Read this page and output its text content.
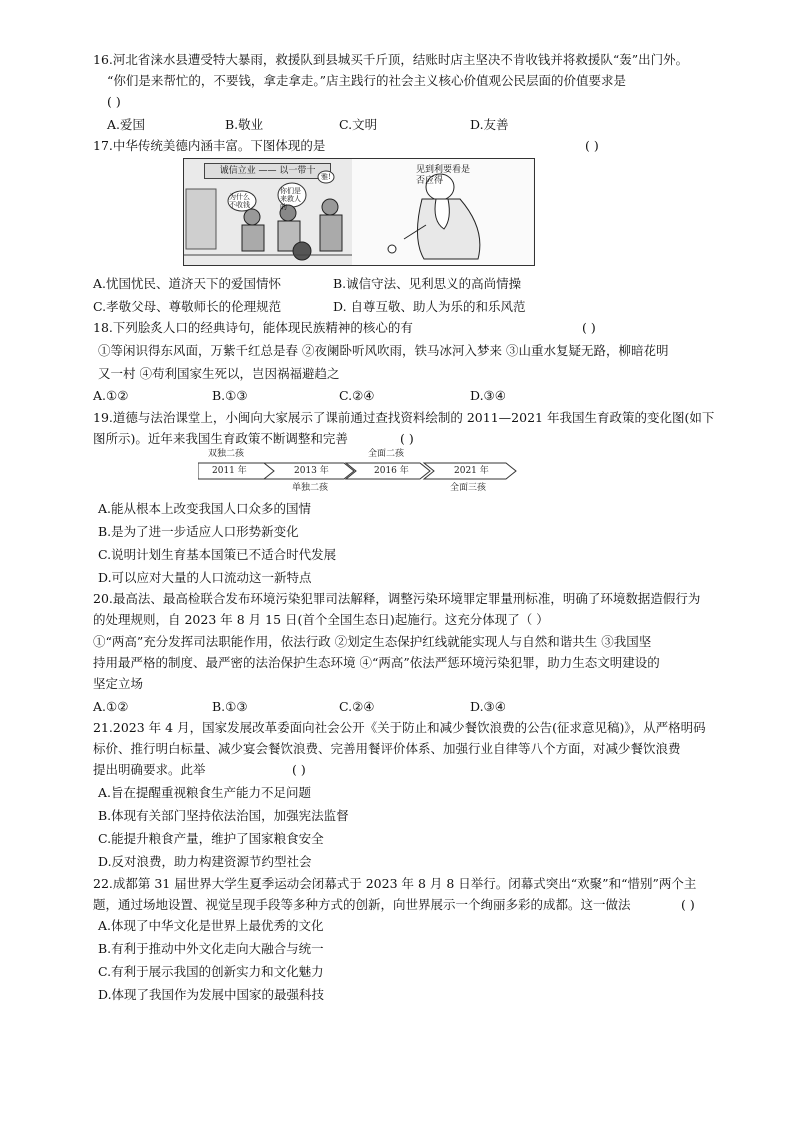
16.河北省涞水县遭受特大暴雨，救援队到县城买千斤顶，结账时店主坚决不肯收钱并将救援队“轰”出门外。
“你们是来帮忙的，不要钱，拿走拿走。”店主践行的社会主义核心价值观公民层面的价值要求是
( )
A.爱国	B.敬业	C.文明	D.友善
17.中华传统美德内涵丰富。下图体现的是	( )
诚信立业 —— 以一带十
为什么不收钱
你们是来救人的
雅!
见到利要看是否应得
A.忧国忧民、道济天下的爱国情怀	B.诚信守法、见利思义的高尚情操
C.孝敬父母、尊敬师长的伦理规范	D. 自尊互敬、助人为乐的和乐风范
18.下列脍炙人口的经典诗句，能体现民族精神的核心的有	( )
①等闲识得东风面，万紫千红总是春 ②夜阑卧听风吹雨，铁马冰河入梦来 ③山重水复疑无路，柳暗花明
又一村 ④苟利国家生死以，岂因祸福避趋之
A.①②	B.①③	C.②④	D.③④
19.道德与法治课堂上，小闽向大家展示了课前通过查找资料绘制的 2011—2021 年我国生育政策的变化图(如下
图所示)。近年来我国生育政策不断调整和完善	( )
双独二孩	全面二孩
2011 年	2013 年	2016 年	2021 年
单独二孩	全面三孩
A.能从根本上改变我国人口众多的国情
B.是为了进一步适应人口形势新变化
C.说明计划生育基本国策已不适合时代发展
D.可以应对大量的人口流动这一新特点
20.最高法、最高检联合发布环境污染犯罪司法解释，调整污染环境罪定罪量刑标准，明确了环境数据造假行为
的处理规则，自 2023 年 8 月 15 日(首个全国生态日)起施行。这充分体现了（ ）
①“两高”充分发挥司法职能作用，依法行政 ②划定生态保护红线就能实现人与自然和谐共生 ③我国坚
持用最严格的制度、最严密的法治保护生态环境 ④“两高”依法严惩环境污染犯罪，助力生态文明建设的
坚定立场
A.①②	B.①③	C.②④	D.③④
21.2023 年 4 月，国家发展改革委面向社会公开《关于防止和减少餐饮浪费的公告(征求意见稿)》，从严格明码
标价、推行明白标量、减少宴会餐饮浪费、完善用餐评价体系、加强行业自律等八个方面，对减少餐饮浪费
提出明确要求。此举	( )
A.旨在提醒重视粮食生产能力不足问题
B.体现有关部门坚持依法治国，加强宪法监督
C.能提升粮食产量，维护了国家粮食安全
D.反对浪费，助力构建资源节约型社会
22.成都第 31 届世界大学生夏季运动会闭幕式于 2023 年 8 月 8 日举行。闭幕式突出“欢聚”和“惜别”两个主
题，通过场地设置、视觉呈现手段等多种方式的创新，向世界展示一个绚丽多彩的成都。这一做法	( )
A.体现了中华文化是世界上最优秀的文化
B.有利于推动中外文化走向大融合与统一
C.有利于展示我国的创新实力和文化魅力
D.体现了我国作为发展中国家的最强科技
